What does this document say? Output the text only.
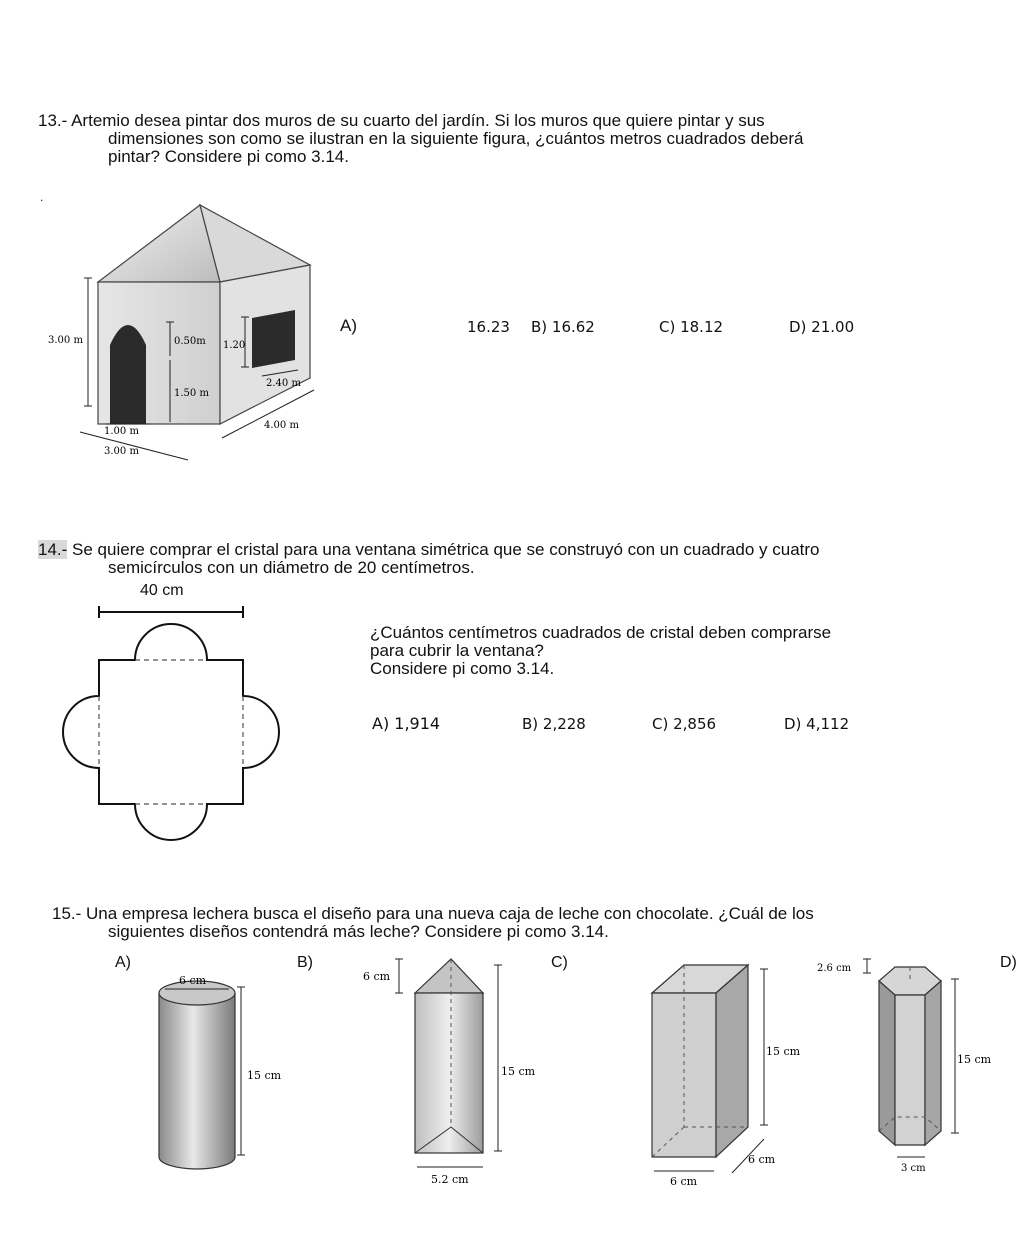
13.- Artemio desea pintar dos muros de su cuarto del jardín. Si los muros que quiere pintar y sus
dimensiones son como se ilustran en la siguiente figura, ¿cuántos metros cuadrados deberá
pintar? Considere pi como 3.14.
.
3.00 m	0.50m
1.50 m
1.00 m
3.00 m
1.20
2.40 m
4.00 m
A)	16.23 B) 16.62	C) 18.12	D) 21.00
14.- Se quiere comprar el cristal para una ventana simétrica que se construyó con un cuadrado y cuatro
semicírculos con un diámetro de 20 centímetros.
40 cm
¿Cuántos centímetros cuadrados de cristal deben comprarse
para cubrir la ventana?
Considere pi como 3.14.
A) 1,914	B) 2,228	C) 2,856	D) 4,112
15.- Una empresa lechera busca el diseño para una nueva caja de leche con chocolate. ¿Cuál de los
siguientes diseños contendrá más leche? Considere pi como 3.14.
A)	B)	C)	D)
6 cm
15 cm
6 cm
15 cm
5.2 cm
15 cm
6 cm
6 cm
2.6 cm
15 cm
3 cm
